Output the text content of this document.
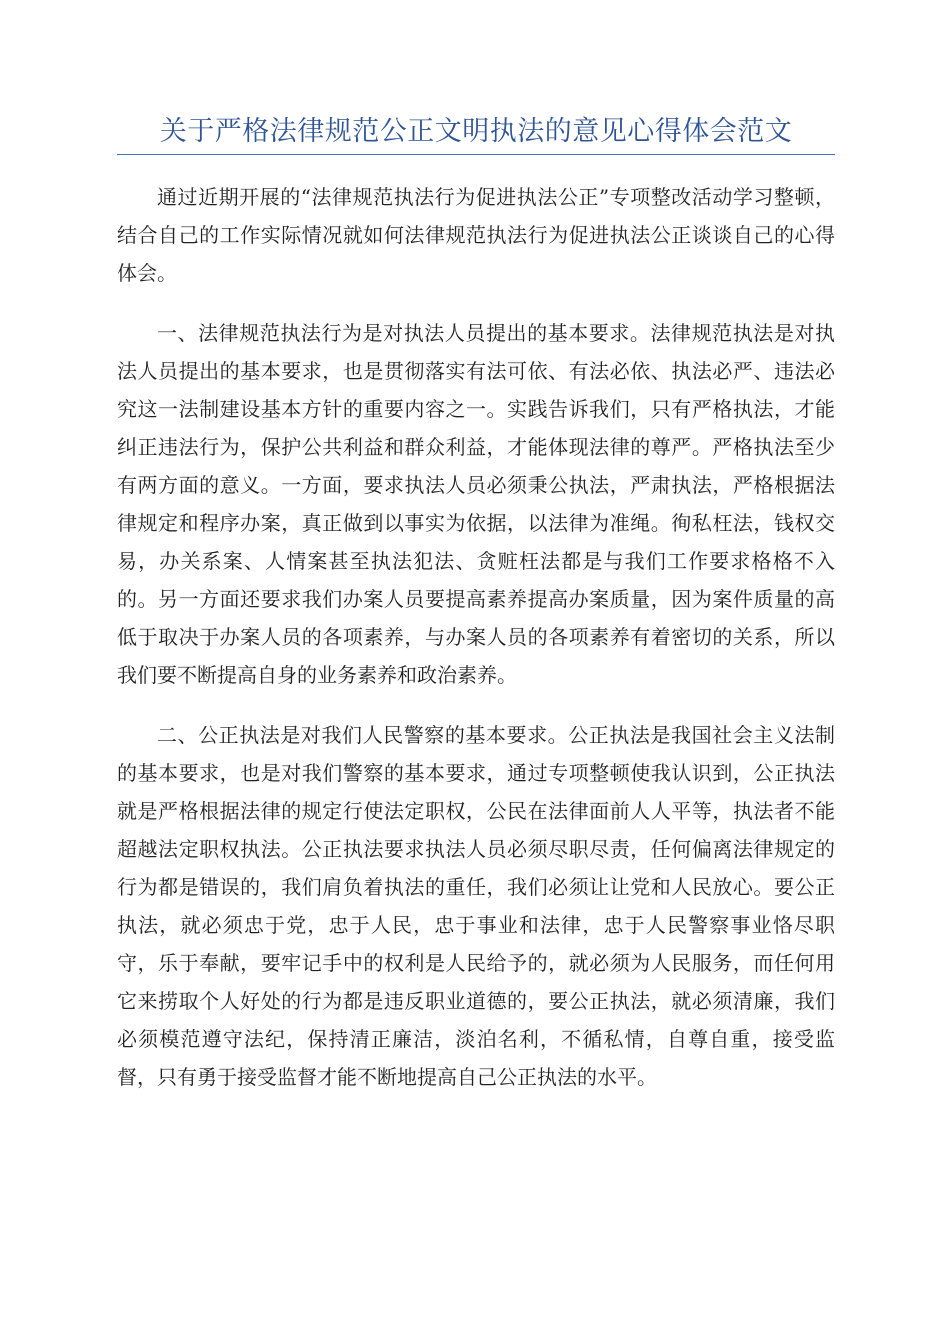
关于严格法律规范公正文明执法的意见心得体会范文

通过近期开展的“法律规范执法行为促进执法公正”专项整改活动学习整顿，结合自己的工作实际情况就如何法律规范执法行为促进执法公正谈谈自己的心得体会。

一、法律规范执法行为是对执法人员提出的基本要求。法律规范执法是对执法人员提出的基本要求，也是贯彻落实有法可依、有法必依、执法必严、违法必究这一法制建设基本方针的重要内容之一。实践告诉我们，只有严格执法，才能纠正违法行为，保护公共利益和群众利益，才能体现法律的尊严。严格执法至少有两方面的意义。一方面，要求执法人员必须秉公执法，严肃执法，严格根据法律规定和程序办案，真正做到以事实为依据，以法律为准绳。徇私枉法，钱权交易，办关系案、人情案甚至执法犯法、贪赃枉法都是与我们工作要求格格不入的。另一方面还要求我们办案人员要提高素养提高办案质量，因为案件质量的高低于取决于办案人员的各项素养，与办案人员的各项素养有着密切的关系，所以我们要不断提高自身的业务素养和政治素养。

二、公正执法是对我们人民警察的基本要求。公正执法是我国社会主义法制的基本要求，也是对我们警察的基本要求，通过专项整顿使我认识到，公正执法就是严格根据法律的规定行使法定职权，公民在法律面前人人平等，执法者不能超越法定职权执法。公正执法要求执法人员必须尽职尽责，任何偏离法律规定的行为都是错误的，我们肩负着执法的重任，我们必须让让党和人民放心。要公正执法，就必须忠于党，忠于人民，忠于事业和法律，忠于人民警察事业恪尽职守，乐于奉献，要牢记手中的权利是人民给予的，就必须为人民服务，而任何用它来捞取个人好处的行为都是违反职业道德的，要公正执法，就必须清廉，我们必须模范遵守法纪，保持清正廉洁，淡泊名利，不循私情，自尊自重，接受监督，只有勇于接受监督才能不断地提高自己公正执法的水平。
